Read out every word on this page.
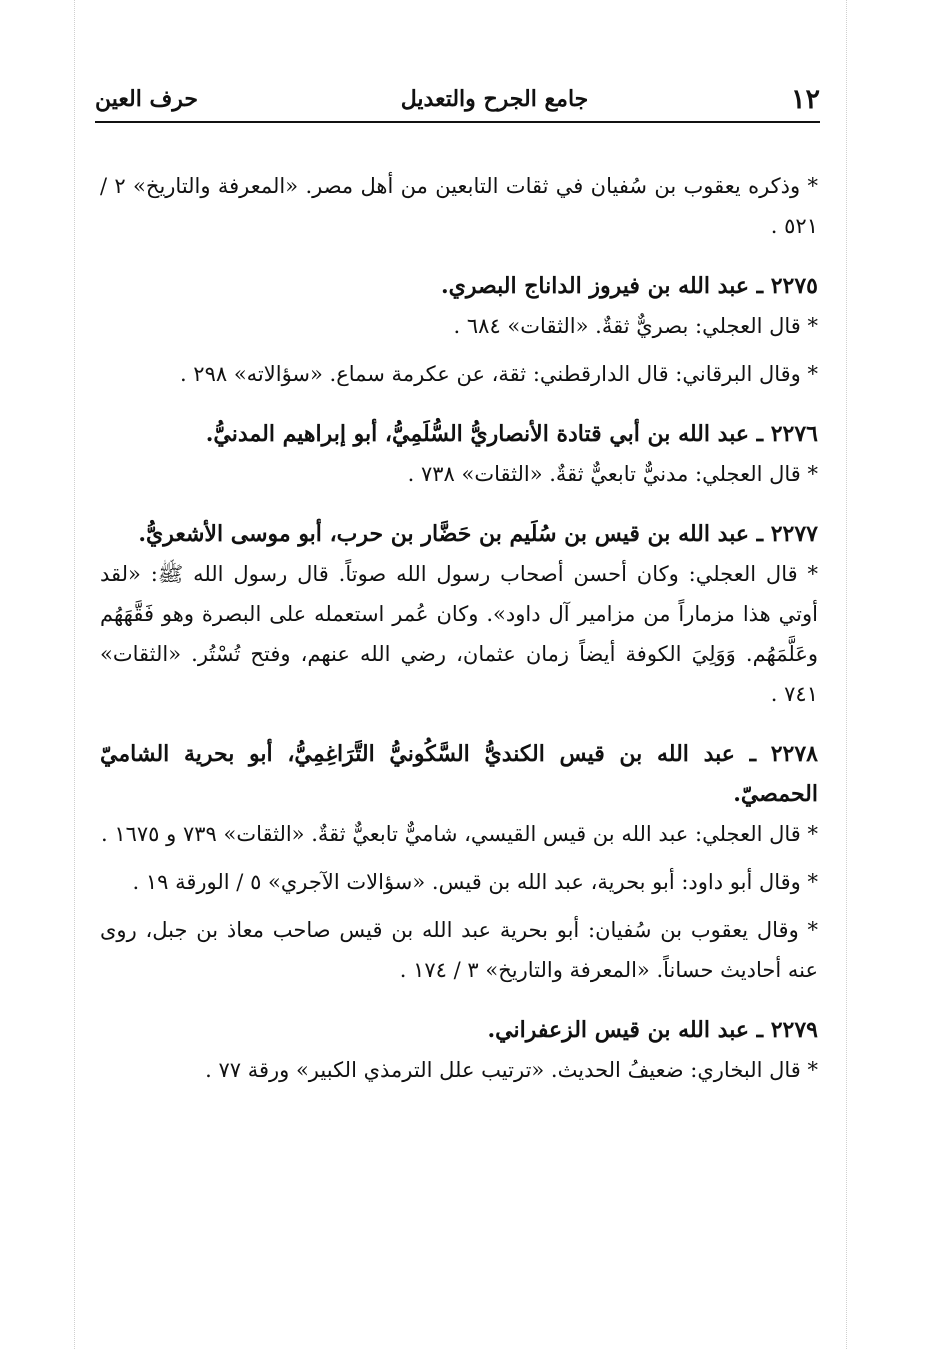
١٢
جامع الجرح والتعديل
حرف العين

* وذكره يعقوب بن سُفيان في ثقات التابعين من أهل مصر. «المعرفة والتاريخ» ٢ / ٥٢١ .

٢٢٧٥ ـ عبد الله بن فيروز الداناج البصري.

* قال العجلي: بصريٌّ ثقةٌ. «الثقات» ٦٨٤ .

* وقال البرقاني: قال الدارقطني: ثقة، عن عكرمة سماع. «سؤالاته» ٢٩٨ .

٢٢٧٦ ـ عبد الله بن أبي قتادة الأنصاريُّ السُّلَمِيُّ، أبو إبراهيم المدنيُّ.

* قال العجلي: مدنيٌّ تابعيٌّ ثقةٌ. «الثقات» ٧٣٨ .

٢٢٧٧ ـ عبد الله بن قيس بن سُلَيم بن حَضَّار بن حرب، أبو موسى الأشعريُّ.

* قال العجلي: وكان أحسن أصحاب رسول الله صوتاً. قال رسول الله ﷺ: «لقد أوتي هذا مزماراً من مزامير آل داود». وكان عُمر استعمله على البصرة وهو فَقَّهَهُم وعَلَّمَهُم. وَوَلِيَ الكوفة أيضاً زمان عثمان، رضي الله عنهم، وفتح تُسْتُر. «الثقات» ٧٤١ .

٢٢٧٨ ـ عبد الله بن قيس الكنديُّ السَّكُونيُّ التَّرَاغِمِيُّ، أبو بحرية الشاميّ الحمصيّ.

* قال العجلي: عبد الله بن قيس القيسي، شاميٌّ تابعيٌّ ثقةٌ. «الثقات» ٧٣٩ و ١٦٧٥ .

* وقال أبو داود: أبو بحرية، عبد الله بن قيس. «سؤالات الآجري» ٥ / الورقة ١٩ .

* وقال يعقوب بن سُفيان: أبو بحرية عبد الله بن قيس صاحب معاذ بن جبل، روى عنه أحاديث حساناً. «المعرفة والتاريخ» ٣ / ١٧٤ .

٢٢٧٩ ـ عبد الله بن قيس الزعفراني.

* قال البخاري: ضعيفُ الحديث. «ترتيب علل الترمذي الكبير» ورقة ٧٧ .
